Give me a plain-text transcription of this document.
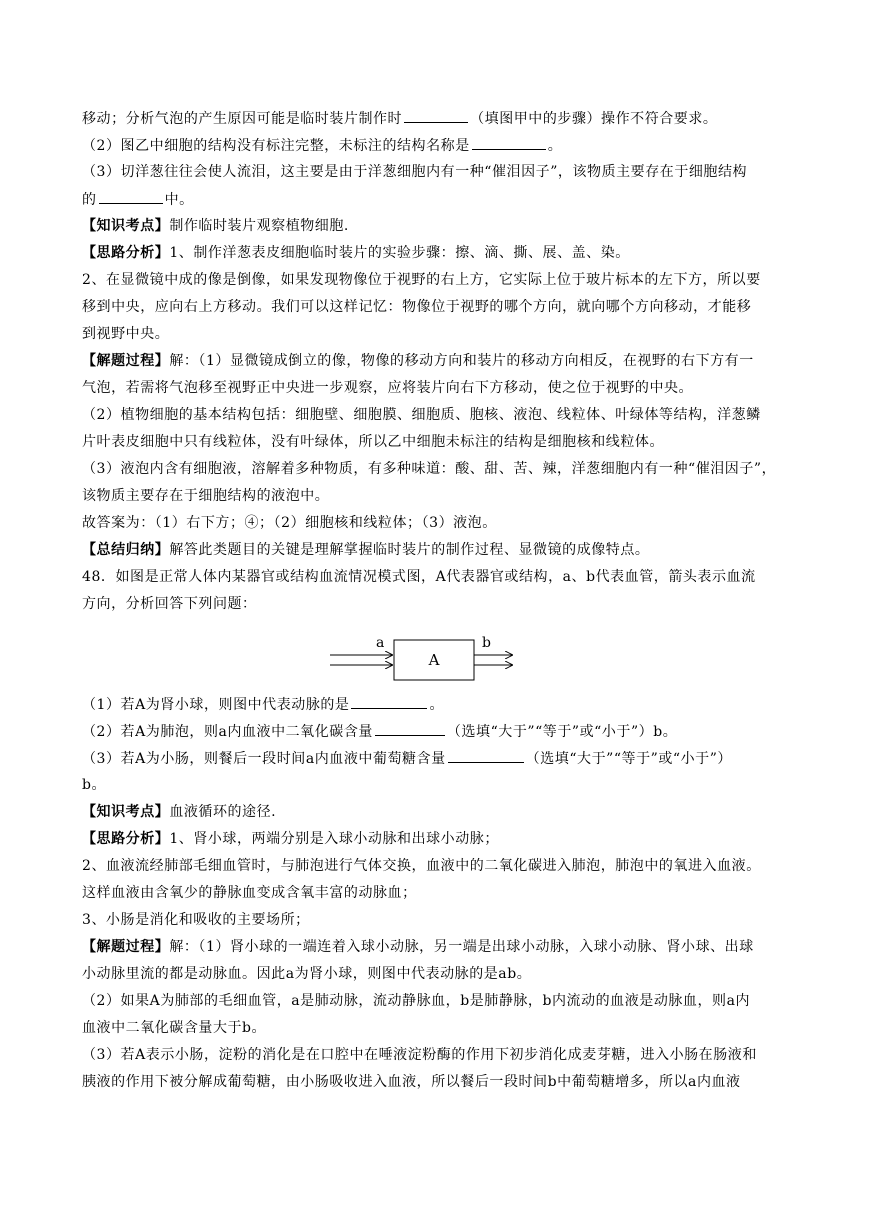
移动；分析气泡的产生原因可能是临时装片制作时	（填图甲中的步骤）操作不符合要求。
（2）图乙中细胞的结构没有标注完整，未标注的结构名称是	。
（3）切洋葱往往会使人流泪，这主要是由于洋葱细胞内有一种“催泪因子”，该物质主要存在于细胞结构
的	中。
【知识考点】制作临时装片观察植物细胞.
【思路分析】1、制作洋葱表皮细胞临时装片的实验步骤：擦、滴、撕、展、盖、染。
2、在显微镜中成的像是倒像，如果发现物像位于视野的右上方，它实际上位于玻片标本的左下方，所以要
移到中央，应向右上方移动。我们可以这样记忆：物像位于视野的哪个方向，就向哪个方向移动，才能移
到视野中央。
【解题过程】解：（1）显微镜成倒立的像，物像的移动方向和装片的移动方向相反，在视野的右下方有一
气泡，若需将气泡移至视野正中央进一步观察，应将装片向右下方移动，使之位于视野的中央。
（2）植物细胞的基本结构包括：细胞壁、细胞膜、细胞质、胞核、液泡、线粒体、叶绿体等结构，洋葱鳞
片叶表皮细胞中只有线粒体，没有叶绿体，所以乙中细胞未标注的结构是细胞核和线粒体。
（3）液泡内含有细胞液，溶解着多种物质，有多种味道：酸、甜、苦、辣，洋葱细胞内有一种“催泪因子”，
该物质主要存在于细胞结构的液泡中。
故答案为：（1）右下方；④；（2）细胞核和线粒体；（3）液泡。
【总结归纳】解答此类题目的关键是理解掌握临时装片的制作过程、显微镜的成像特点。
48．如图是正常人体内某器官或结构血流情况模式图，A代表器官或结构，a、b代表血管，箭头表示血流
方向，分析回答下列问题：
A
a	b
（1）若A为肾小球，则图中代表动脉的是	。
（2）若A为肺泡，则a内血液中二氧化碳含量	（选填“大于”“等于”或“小于”）b。
（3）若A为小肠，则餐后一段时间a内血液中葡萄糖含量	（选填“大于”“等于”或“小于”）
b。
【知识考点】血液循环的途径.
【思路分析】1、肾小球，两端分别是入球小动脉和出球小动脉；
2、血液流经肺部毛细血管时，与肺泡进行气体交换，血液中的二氧化碳进入肺泡，肺泡中的氧进入血液。
这样血液由含氧少的静脉血变成含氧丰富的动脉血；
3、小肠是消化和吸收的主要场所；
【解题过程】解：（1）肾小球的一端连着入球小动脉，另一端是出球小动脉，入球小动脉、肾小球、出球
小动脉里流的都是动脉血。因此a为肾小球，则图中代表动脉的是ab。
（2）如果A为肺部的毛细血管，a是肺动脉，流动静脉血，b是肺静脉，b内流动的血液是动脉血，则a内
血液中二氧化碳含量大于b。
（3）若A表示小肠，淀粉的消化是在口腔中在唾液淀粉酶的作用下初步消化成麦芽糖，进入小肠在肠液和
胰液的作用下被分解成葡萄糖，由小肠吸收进入血液，所以餐后一段时间b中葡萄糖增多，所以a内血液
